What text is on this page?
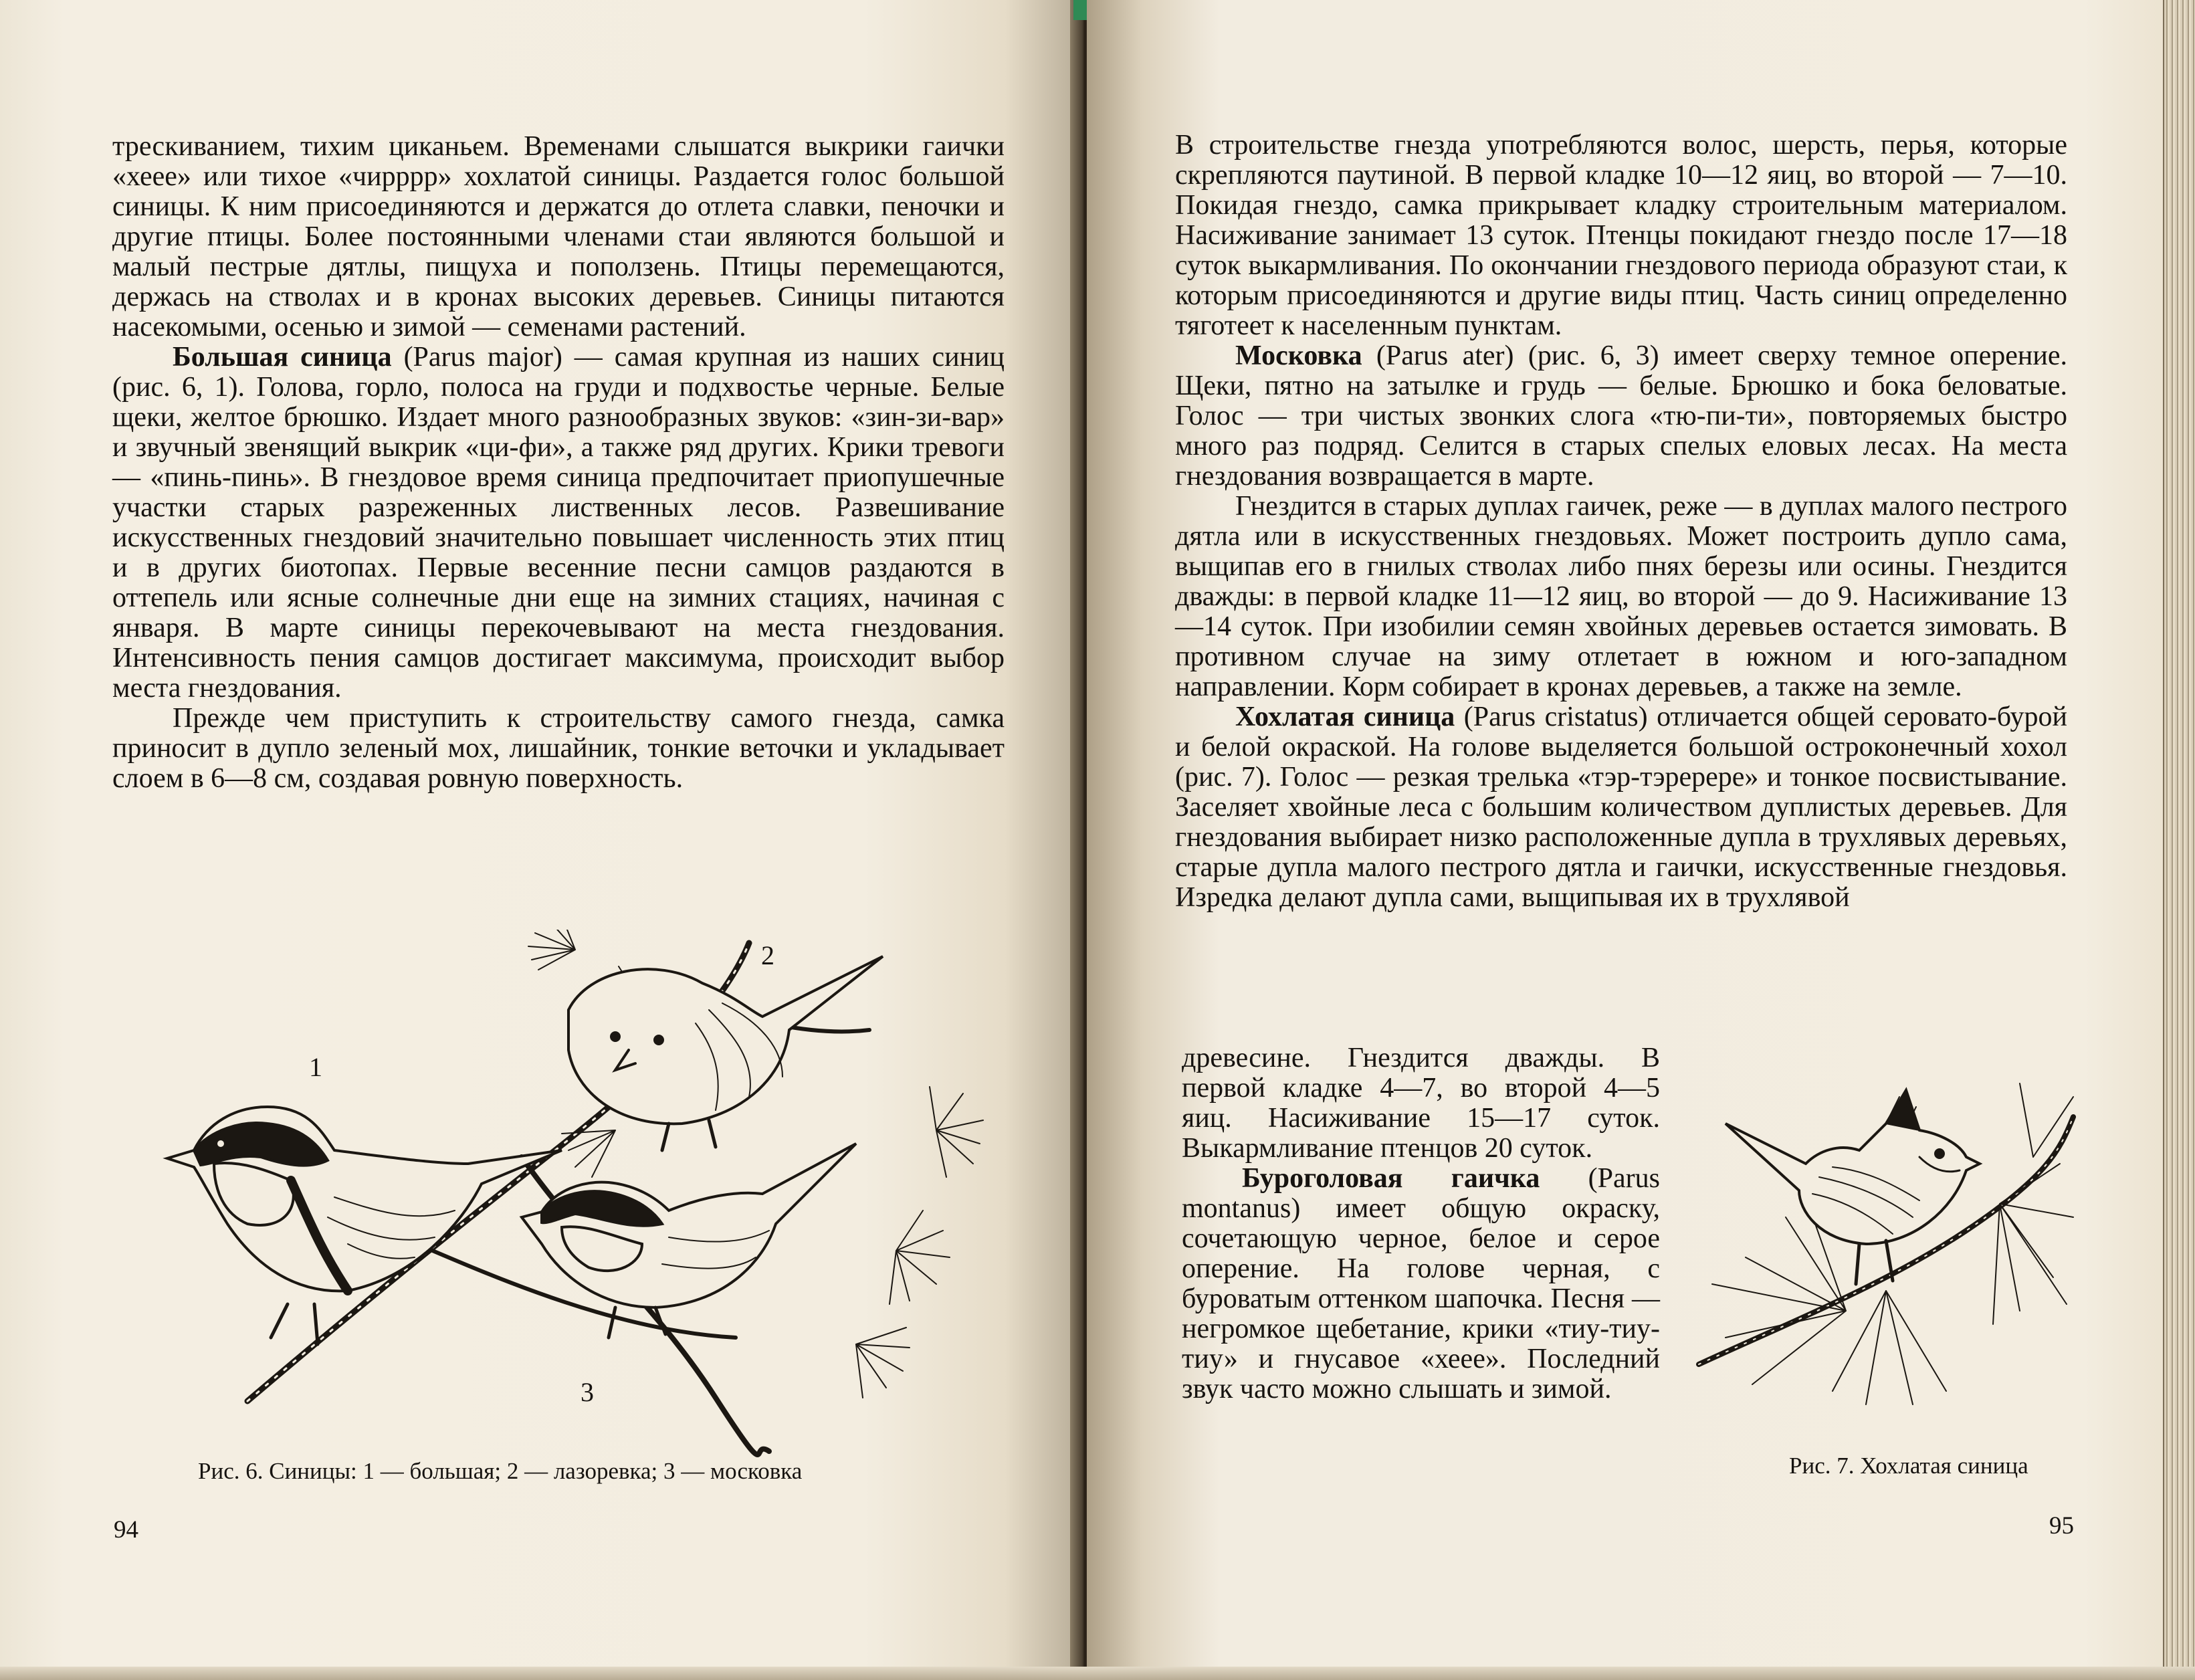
трескиванием, тихим циканьем. Временами слышатся выкрики гаички «хеее» или тихое «чирррр» хохлатой синицы. Раздается голос большой синицы. К ним присоединяются и держатся до отлета славки, пеночки и другие птицы. Более постоянными членами стаи являются большой и малый пестрые дятлы, пищуха и поползень. Птицы перемещаются, держась на стволах и в кронах высоких деревьев. Синицы питаются насекомыми, осенью и зимой — семенами растений.

Большая синица (Parus major) — самая крупная из наших синиц (рис. 6, 1). Голова, горло, полоса на груди и подхвостье черные. Белые щеки, желтое брюшко. Издает много разнообразных звуков: «зин-зи-вар» и звучный звенящий выкрик «ци-фи», а также ряд других. Крики тревоги — «пинь-пинь». В гнездовое время синица предпочитает приопушечные участки старых разреженных лиственных лесов. Развешивание искусственных гнездовий значительно повышает численность этих птиц и в других биотопах. Первые весенние песни самцов раздаются в оттепель или ясные солнечные дни еще на зимних стациях, начиная с января. В марте синицы перекочевывают на места гнездования. Интенсивность пения самцов достигает максимума, происходит выбор места гнездования.

Прежде чем приступить к строительству самого гнезда, самка приносит в дупло зеленый мох, лишайник, тонкие веточки и укладывает слоем в 6—8 см, создавая ровную поверхность.

1
2
3
Рис. 6. Синицы: 1 — большая; 2 — лазоревка; 3 — московка
94

В строительстве гнезда употребляются волос, шерсть, перья, которые скрепляются паутиной. В первой кладке 10—12 яиц, во второй — 7—10. Покидая гнездо, самка прикрывает кладку строительным материалом. Насиживание занимает 13 суток. Птенцы покидают гнездо после 17—18 суток выкармливания. По окончании гнездового периода образуют стаи, к которым присоединяются и другие виды птиц. Часть синиц определенно тяготеет к населенным пунктам.

Московка (Parus ater) (рис. 6, 3) имеет сверху темное оперение. Щеки, пятно на затылке и грудь — белые. Брюшко и бока беловатые. Голос — три чистых звонких слога «тю-пи-ти», повторяемых быстро много раз подряд. Селится в старых спелых еловых лесах. На места гнездования возвращается в марте.

Гнездится в старых дуплах гаичек, реже — в дуплах малого пестрого дятла или в искусственных гнездовьях. Может построить дупло сама, выщипав его в гнилых стволах либо пнях березы или осины. Гнездится дважды: в первой кладке 11—12 яиц, во второй — до 9. Насиживание 13—14 суток. При изобилии семян хвойных деревьев остается зимовать. В противном случае на зиму отлетает в южном и юго-западном направлении. Корм собирает в кронах деревьев, а также на земле.

Хохлатая синица (Parus cristatus) отличается общей серовато-бурой и белой окраской. На голове выделяется большой остроконечный хохол (рис. 7). Голос — резкая трелька «тэр-тэререре» и тонкое посвистывание. Заселяет хвойные леса с большим количеством дуплистых деревьев. Для гнездования выбирает низко расположенные дупла в трухлявых деревьях, старые дупла малого пестрого дятла и гаички, искусственные гнездовья. Изредка делают дупла сами, выщипывая их в трухлявой

древесине. Гнездится дважды. В первой кладке 4—7, во второй 4—5 яиц. Насиживание 15—17 суток. Выкармливание птенцов 20 суток.

Буроголовая гаичка (Parus montanus) имеет общую окраску, сочетающую черное, белое и серое оперение. На голове черная, с буроватым оттенком шапочка. Песня — негромкое щебетание, крики «тиу-тиу-тиу» и гнусавое «хеее». Последний звук часто можно слышать и зимой.

Рис. 7. Хохлатая синица
95
